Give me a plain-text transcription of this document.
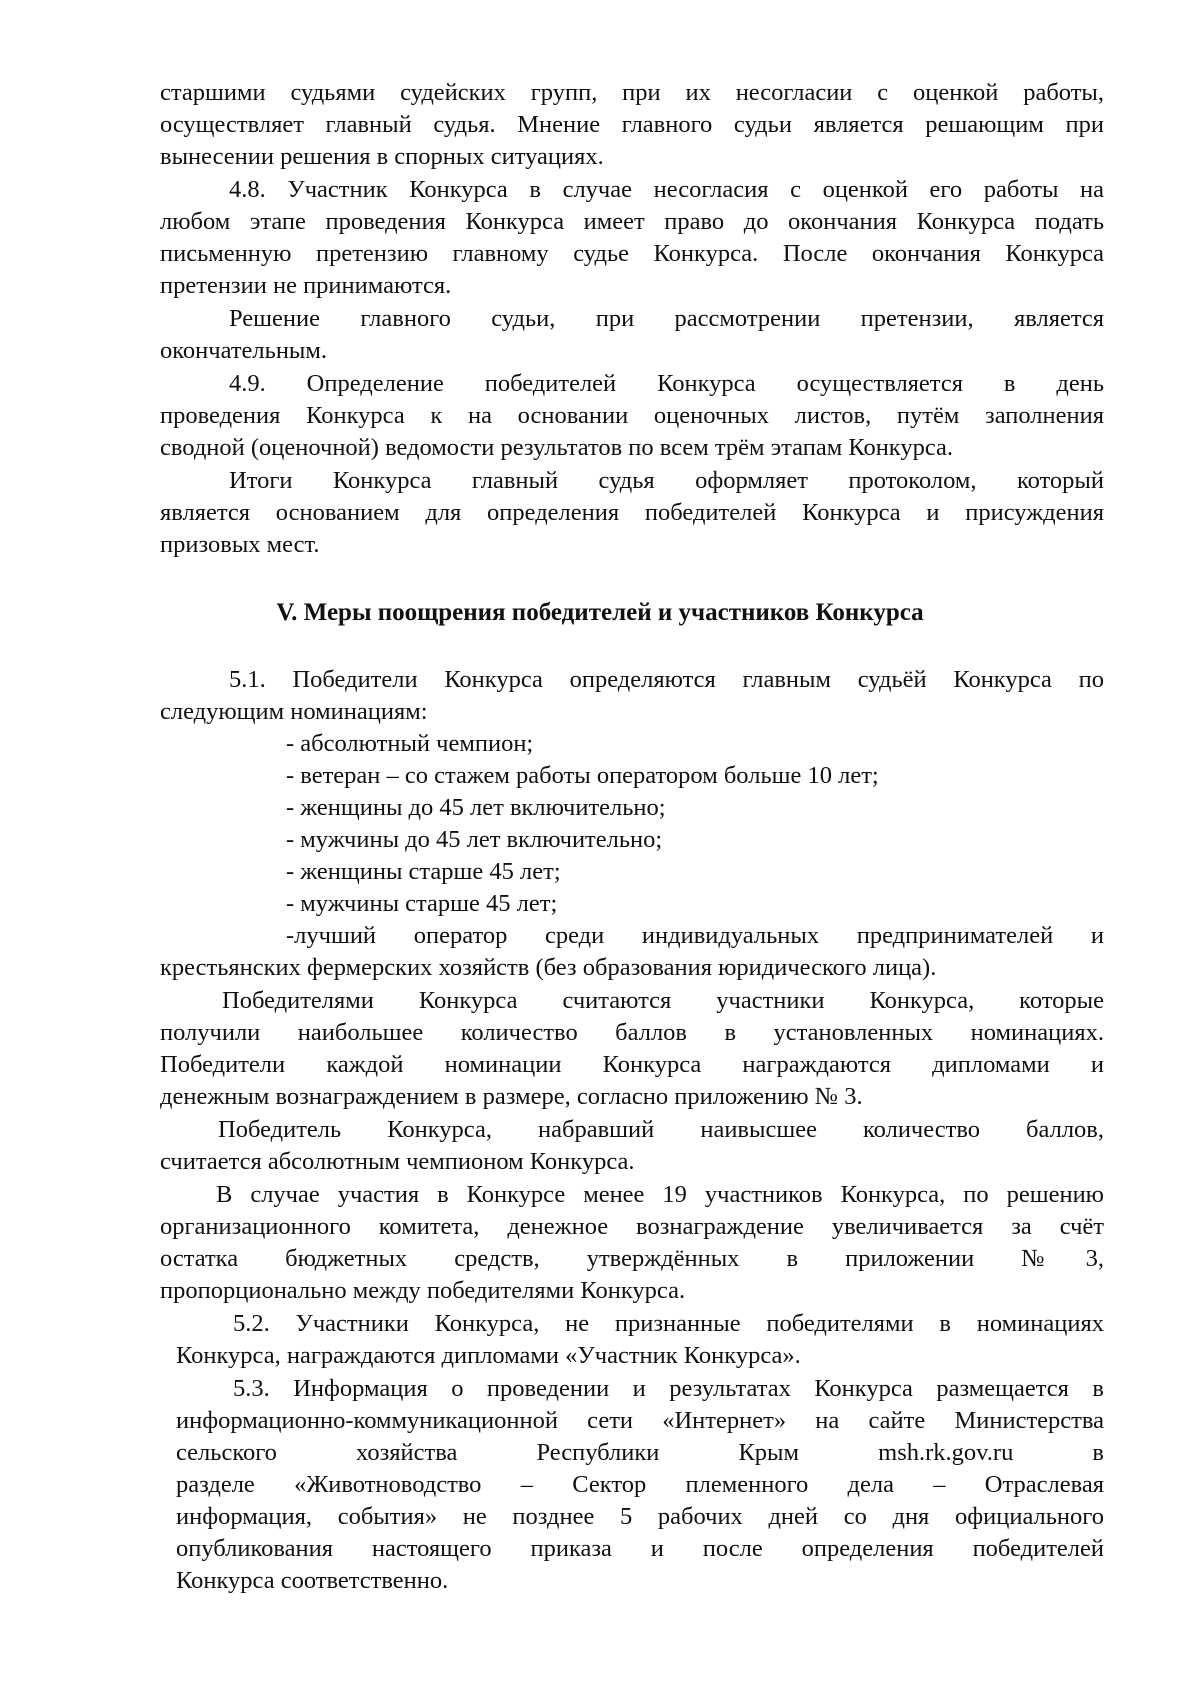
старшими судьями судейских групп, при их несогласии с оценкой работы,
осуществляет главный судья. Мнение главного судьи является решающим при
вынесении решения в спорных ситуациях.
4.8. Участник Конкурса в случае несогласия с оценкой его работы на
любом этапе проведения Конкурса имеет право до окончания Конкурса подать
письменную претензию главному судье Конкурса. После окончания Конкурса
претензии не принимаются.
Решение главного судьи, при рассмотрении претензии, является
окончательным.
4.9. Определение победителей Конкурса осуществляется в день
проведения Конкурса к на основании оценочных листов, путём заполнения
сводной (оценочной) ведомости результатов по всем трём этапам Конкурса.
Итоги Конкурса главный судья оформляет протоколом, который
является основанием для определения победителей Конкурса и присуждения
призовых мест.
V. Меры поощрения победителей и участников Конкурса
5.1. Победители Конкурса определяются главным судьёй Конкурса по
следующим номинациям:
- абсолютный чемпион;
- ветеран – со стажем работы оператором больше 10 лет;
- женщины до 45 лет включительно;
- мужчины до 45 лет включительно;
- женщины старше 45 лет;
- мужчины старше 45 лет;
-лучший оператор среди индивидуальных предпринимателей и
крестьянских фермерских хозяйств (без образования юридического лица).
Победителями Конкурса считаются участники Конкурса, которые
получили наибольшее количество баллов в установленных номинациях.
Победители каждой номинации Конкурса награждаются дипломами и
денежным вознаграждением в размере, согласно приложению № 3.
Победитель Конкурса, набравший наивысшее количество баллов,
считается абсолютным чемпионом Конкурса.
В случае участия в Конкурсе менее 19 участников Конкурса, по решению
организационного комитета, денежное вознаграждение увеличивается за счёт
остатка бюджетных средств, утверждённых в приложении №3,
пропорционально между победителями Конкурса.
5.2. Участники Конкурса, не признанные победителями в номинациях
Конкурса, награждаются дипломами «Участник Конкурса».
5.3. Информация о проведении и результатах Конкурса размещается в
информационно-коммуникационной сети «Интернет» на сайте Министерства
сельского хозяйства Республики Крым msh.rk.gov.ru в
разделе «Животноводство – Сектор племенного дела – Отраслевая
информация, события» не позднее 5 рабочих дней со дня официального
опубликования настоящего приказа и после определения победителей
Конкурса соответственно.
